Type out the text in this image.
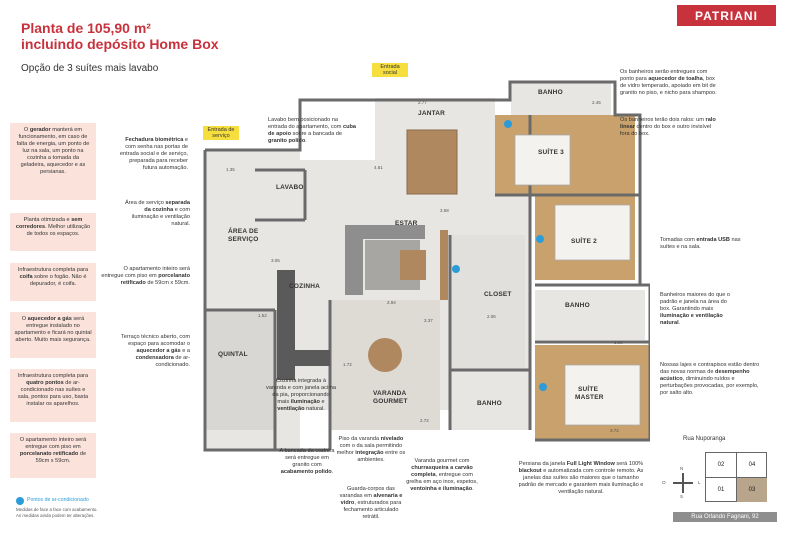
Planta de 105,90 m²
incluindo depósito Home Box
Opção de 3 suítes mais lavabo
PATRIANI
O gerador manterá em funcionamento, em caso de falta de energia, um ponto de luz na sala, um ponto na cozinha a tomada da geladeira, aquecedor e as persianas.
Planta otimizada e sem corredores. Melhor utilização de todos os espaços.
Infraestrutura completa para coifa sobre o fogão. Não é depurador, é coifa.
O aquecedor a gás será entregue instalado no apartamento e ficará no quintal aberto. Muito mais segurança.
Infraestrutura completa para quatro pontos de ar-condicionado nas suítes e sala, pontos para uso, basta instalar os aparelhos.
O apartamento inteiro será entregue com piso em porcelanato retificado de 59cm x 59cm.
Pontos de ar-condicionado
Medidas de face a face com acabamento.
As medidas ainda podem ter alterações.
JANTAR
ESTAR
LAVABO
ÁREA DE
SERVIÇO
COZINHA
QUINTAL
VARANDA
GOURMET
CLOSET
BANHO
BANHO
BANHO
SUÍTE 3
SUÍTE 2
SUÍTE
MASTER
2.77
4.61
1.35
3.58
3.05
2.94
2.06
3.37
1.72
2.72
3.00
3.72
2.45
1.52
Entrada social
Entrada de serviço
Fechadura biométrica e com senha nas portas de entrada social e de serviço, preparada para receber futura automação.
Lavabo bem posicionado na entrada do apartamento, com cuba de apoio sobre a bancada de granito polido.
Área de serviço separada da cozinha e com iluminação e ventilação natural.
O apartamento inteiro será entregue com piso em porcelanato retificado de 59cm x 59cm.
Terraço técnico aberto, com espaço para acomodar o aquecedor a gás e a condensadora de ar-condicionado.
Cozinha integrada à varanda e com janela acima da pia, proporcionando mais iluminação e ventilação natural.
A bancada da cozinha será entregue em granito com acabamento polido.
Piso da varanda nivelado com o da sala permitindo melhor integração entre os ambientes.
Guarda-corpos das varandas em alvenaria e vidro, estruturados para fechamento articulado retrátil.
Varanda gourmet com churrasqueira a carvão completa, entregue com grelha em aço inox, espetos, ventoinha e iluminação.
Persiana da janela Full Light Window será 100% blackout e automatizada com controle remoto. As janelas das suítes são maiores que o tamanho padrão de mercado e garantem mais iluminação e ventilação natural.
Os banheiros serão entregues com ponto para aquecedor de toalha, box de vidro temperado, apoiado em bit de granito no piso, e nicho para shampoo.
Os banheiros terão dois ralos: um ralo linear dentro do box e outro invisível fora do box.
Tomadas com entrada USB nas suítes e na sala.
Banheiros maiores do que o padrão e janela na área do box. Garantindo mais iluminação e ventilação natural.
Nossas lajes e contrapisos estão dentro das novas normas de desempenho acústico, diminuindo ruídos e perturbações provocadas, por exemplo, por salto alto.
Rua Nuporanga
02	04
01	03
N
S
L
O
Rua Orlando Fagnani, 92
